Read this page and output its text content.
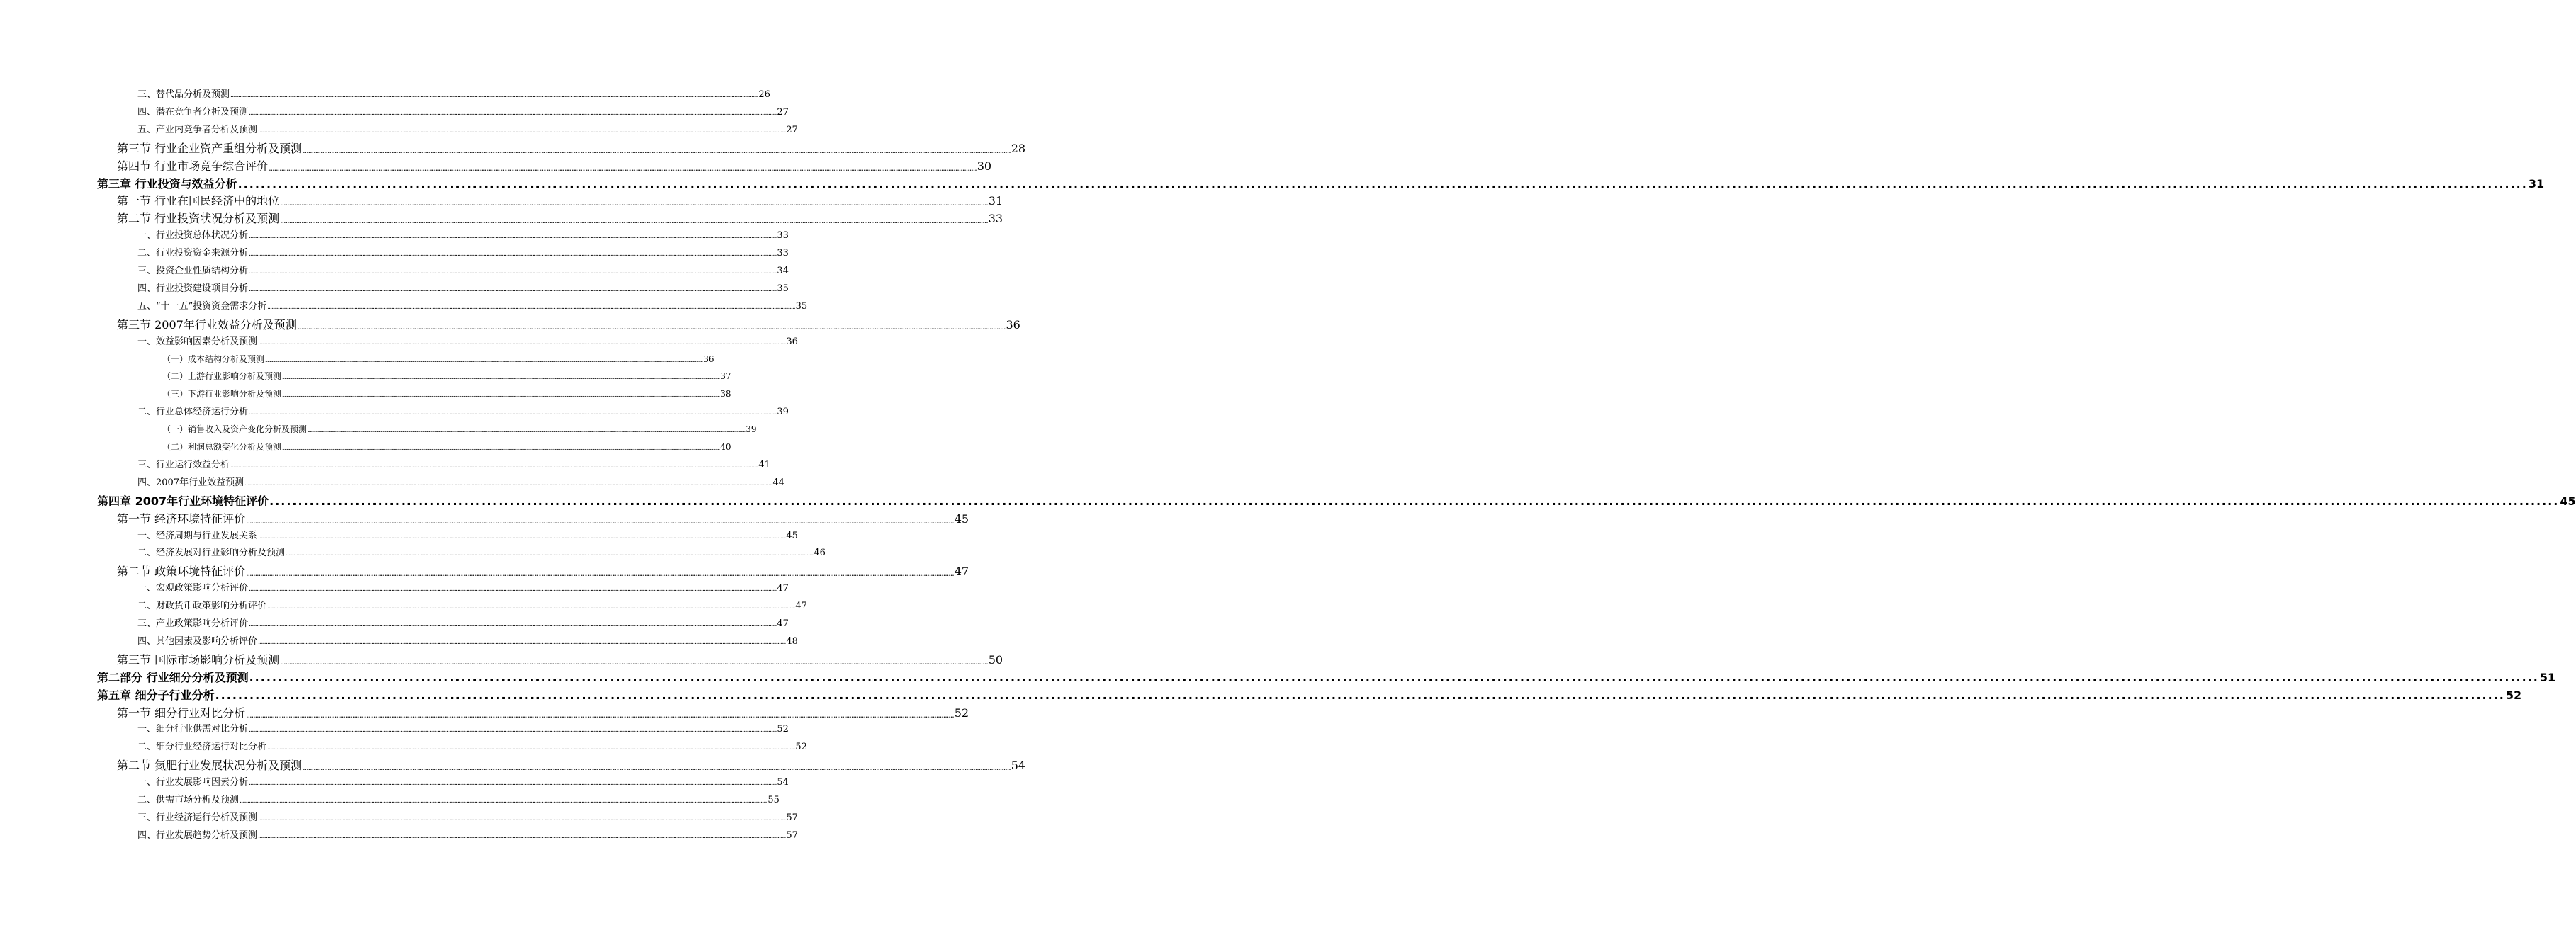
三、替代品分析及预测 ................................................................................................................................................................................................................................................................................................................................................................................................................ 26
四、潜在竞争者分析及预测 ................................................................................................................................................................................................................................................................................................................................................................................................................ 27
五、产业内竞争者分析及预测 ................................................................................................................................................................................................................................................................................................................................................................................................................ 27
第三节 行业企业资产重组分析及预测 ................................................................................................................................................................................................................................................................................................................................................................................................................ 28
第四节 行业市场竞争综合评价 ................................................................................................................................................................................................................................................................................................................................................................................................................ 30
第三章 行业投资与效益分析 ................................................................................................................................................................................................................................................................................................................................................................................................................ 31
第一节 行业在国民经济中的地位 ................................................................................................................................................................................................................................................................................................................................................................................................................ 31
第二节 行业投资状况分析及预测 ................................................................................................................................................................................................................................................................................................................................................................................................................ 33
一、行业投资总体状况分析 ................................................................................................................................................................................................................................................................................................................................................................................................................ 33
二、行业投资资金来源分析 ................................................................................................................................................................................................................................................................................................................................................................................................................ 33
三、投资企业性质结构分析 ................................................................................................................................................................................................................................................................................................................................................................................................................ 34
四、行业投资建设项目分析 ................................................................................................................................................................................................................................................................................................................................................................................................................ 35
五、“十一五”投资资金需求分析 ................................................................................................................................................................................................................................................................................................................................................................................................................ 35
第三节 2007年行业效益分析及预测 ................................................................................................................................................................................................................................................................................................................................................................................................................ 36
一、效益影响因素分析及预测 ................................................................................................................................................................................................................................................................................................................................................................................................................ 36
（一）成本结构分析及预测 ................................................................................................................................................................................................................................................................................................................................................................................................................ 36
（二）上游行业影响分析及预测 ................................................................................................................................................................................................................................................................................................................................................................................................................ 37
（三）下游行业影响分析及预测 ................................................................................................................................................................................................................................................................................................................................................................................................................ 38
二、行业总体经济运行分析 ................................................................................................................................................................................................................................................................................................................................................................................................................ 39
（一）销售收入及资产变化分析及预测 ................................................................................................................................................................................................................................................................................................................................................................................................................ 39
（二）利润总额变化分析及预测 ................................................................................................................................................................................................................................................................................................................................................................................................................ 40
三、行业运行效益分析 ................................................................................................................................................................................................................................................................................................................................................................................................................ 41
四、2007年行业效益预测 ................................................................................................................................................................................................................................................................................................................................................................................................................ 44
第四章 2007年行业环境特征评价 ................................................................................................................................................................................................................................................................................................................................................................................................................ 45
第一节 经济环境特征评价 ................................................................................................................................................................................................................................................................................................................................................................................................................ 45
一、经济周期与行业发展关系 ................................................................................................................................................................................................................................................................................................................................................................................................................ 45
二、经济发展对行业影响分析及预测 ................................................................................................................................................................................................................................................................................................................................................................................................................ 46
第二节 政策环境特征评价 ................................................................................................................................................................................................................................................................................................................................................................................................................ 47
一、宏观政策影响分析评价 ................................................................................................................................................................................................................................................................................................................................................................................................................ 47
二、财政货币政策影响分析评价 ................................................................................................................................................................................................................................................................................................................................................................................................................ 47
三、产业政策影响分析评价 ................................................................................................................................................................................................................................................................................................................................................................................................................ 47
四、其他因素及影响分析评价 ................................................................................................................................................................................................................................................................................................................................................................................................................ 48
第三节 国际市场影响分析及预测 ................................................................................................................................................................................................................................................................................................................................................................................................................ 50
第二部分 行业细分分析及预测 ................................................................................................................................................................................................................................................................................................................................................................................................................ 51
第五章 细分子行业分析 ................................................................................................................................................................................................................................................................................................................................................................................................................ 52
第一节 细分行业对比分析 ................................................................................................................................................................................................................................................................................................................................................................................................................ 52
一、细分行业供需对比分析 ................................................................................................................................................................................................................................................................................................................................................................................................................ 52
二、细分行业经济运行对比分析 ................................................................................................................................................................................................................................................................................................................................................................................................................ 52
第二节 氮肥行业发展状况分析及预测 ................................................................................................................................................................................................................................................................................................................................................................................................................ 54
一、行业发展影响因素分析 ................................................................................................................................................................................................................................................................................................................................................................................................................ 54
二、供需市场分析及预测 ................................................................................................................................................................................................................................................................................................................................................................................................................ 55
三、行业经济运行分析及预测 ................................................................................................................................................................................................................................................................................................................................................................................................................ 57
四、行业发展趋势分析及预测 ................................................................................................................................................................................................................................................................................................................................................................................................................ 57
